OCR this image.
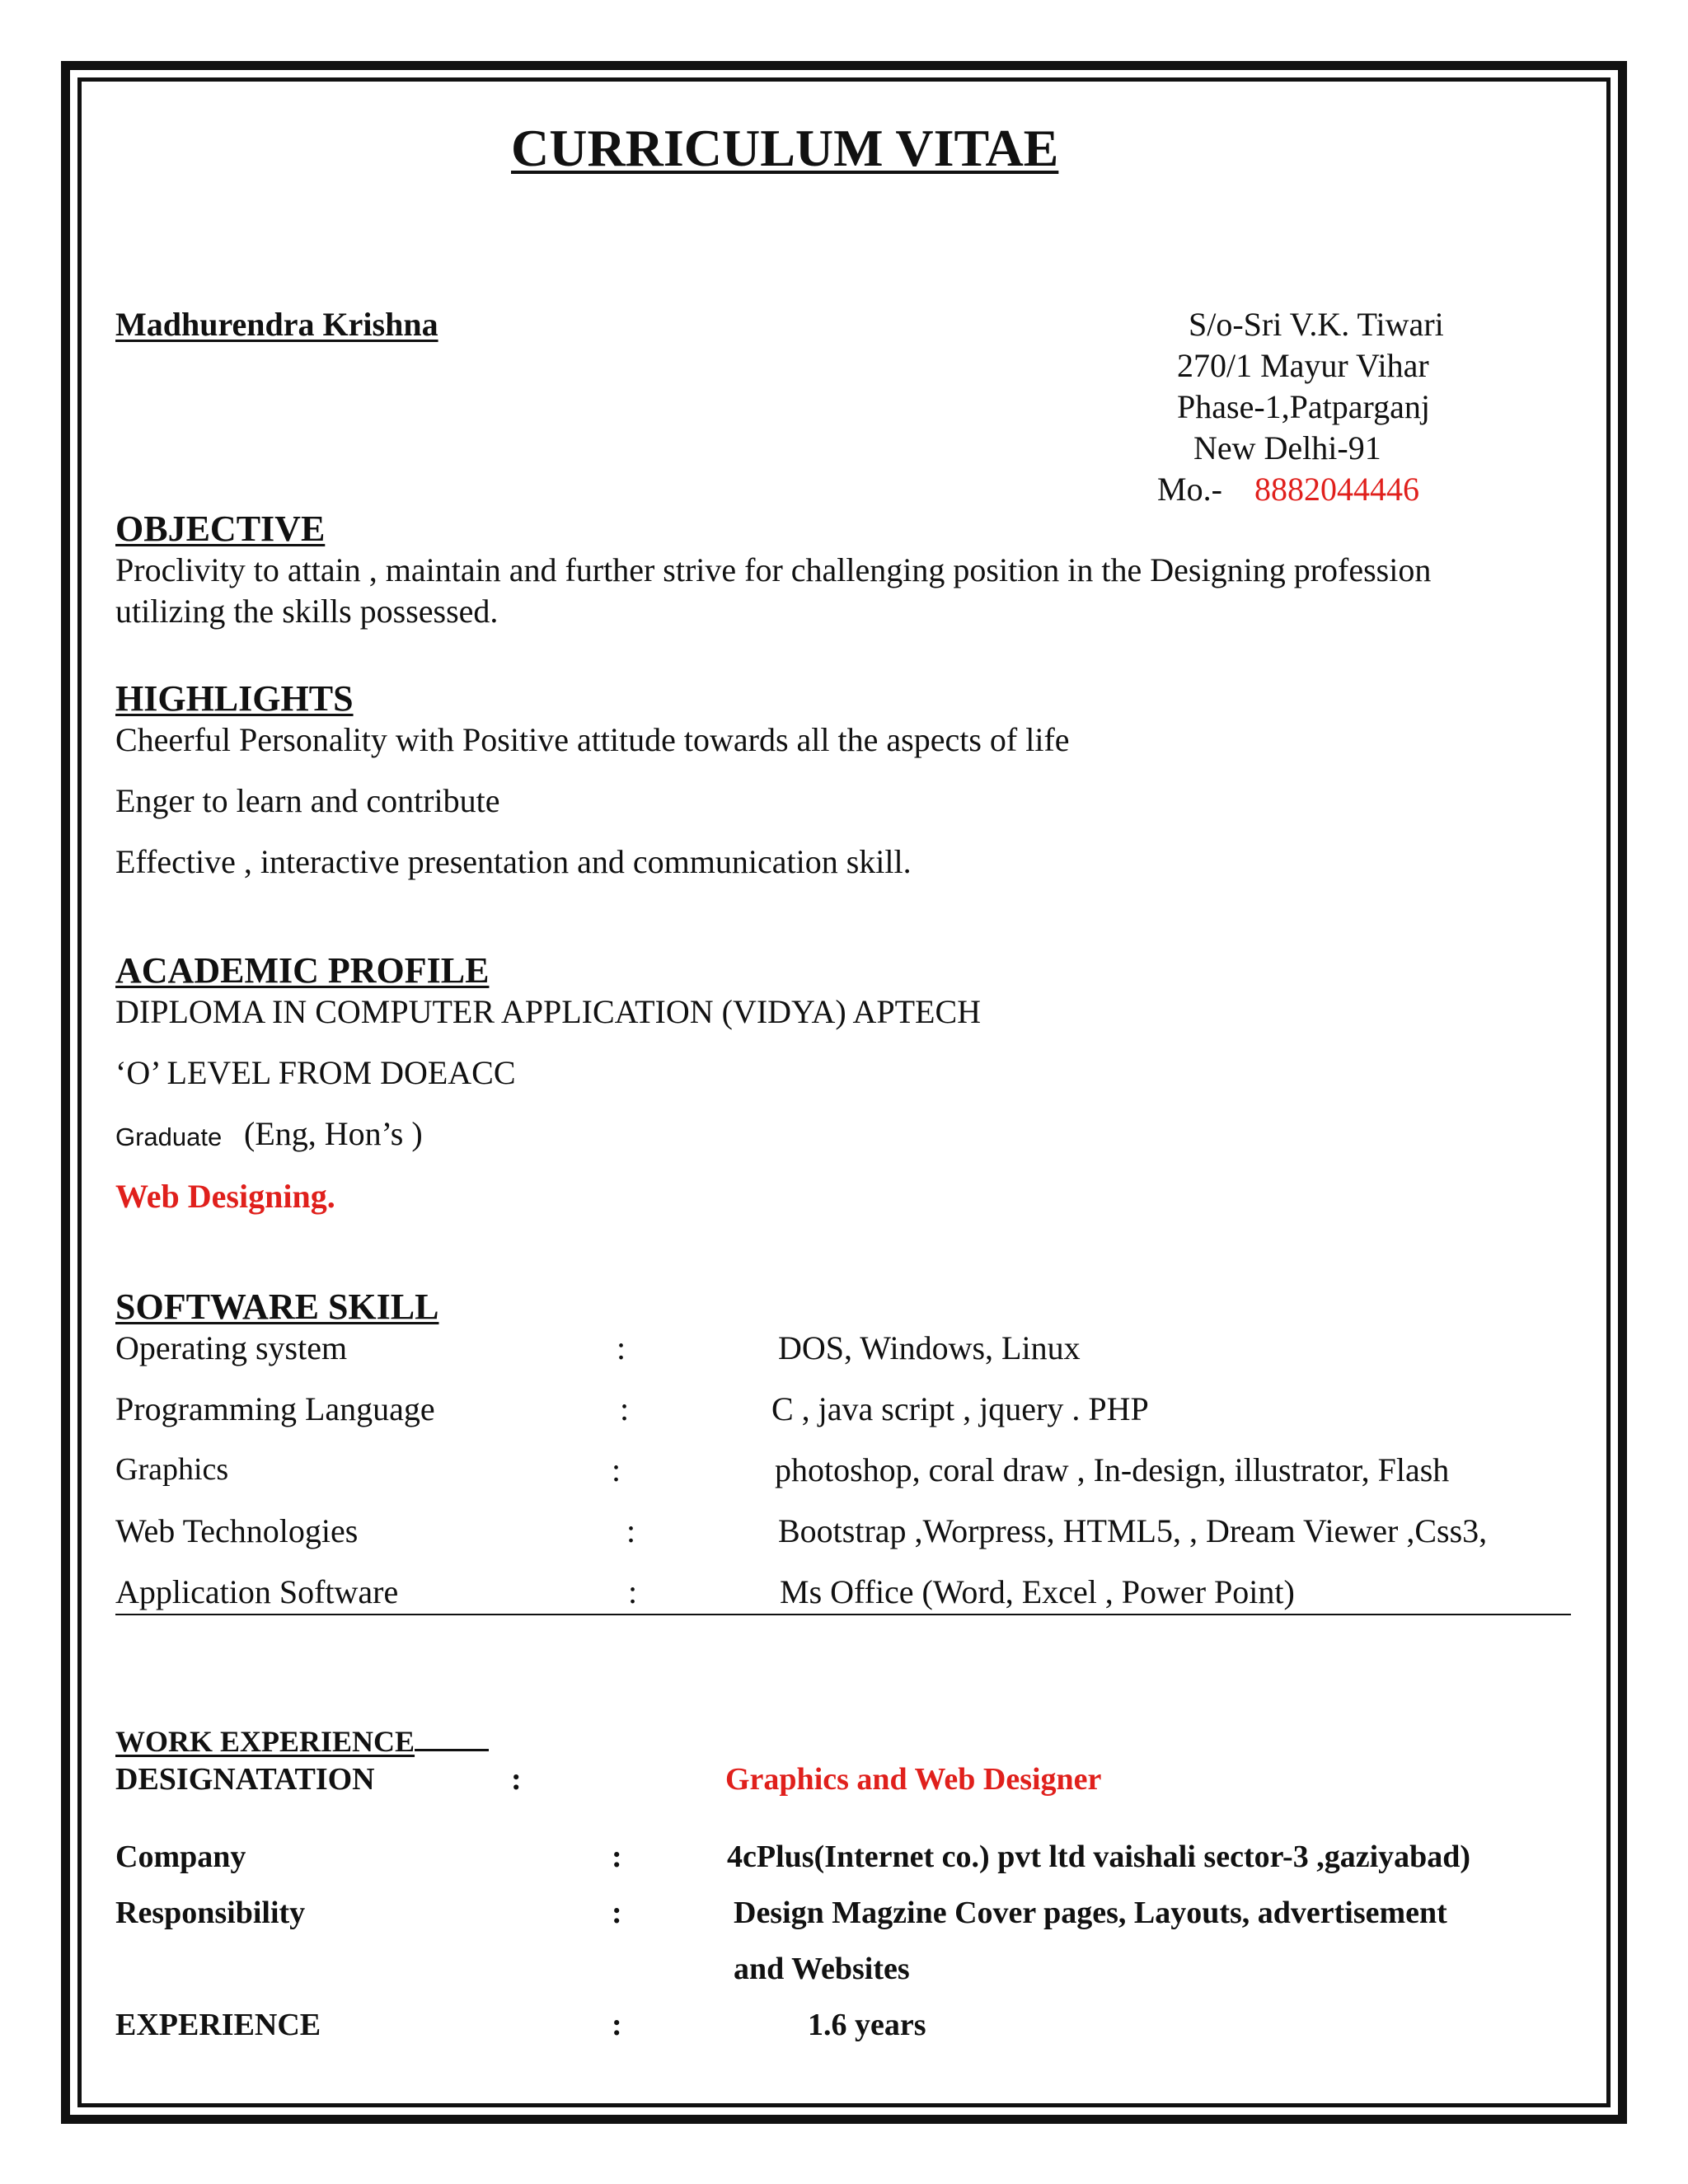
CURRICULUM VITAE
Madhurendra Krishna	S/o-Sri V.K. Tiwari
270/1 Mayur Vihar
Phase-1,Patparganj
New Delhi-91
Mo.- 8882044446
OBJECTIVE
Proclivity to attain , maintain and further strive for challenging position in the Designing profession
utilizing the skills possessed.
HIGHLIGHTS
Cheerful Personality with Positive attitude towards all the aspects of life
Enger to learn and contribute
Effective , interactive presentation and communication skill.
ACADEMIC PROFILE
DIPLOMA IN COMPUTER APPLICATION (VIDYA) APTECH
‘O’ LEVEL FROM DOEACC
Graduate (Eng, Hon’s )
Web Designing.
SOFTWARE SKILL
Operating system	:	DOS, Windows, Linux
Programming Language	:	C , java script , jquery . PHP
Graphics	:	photoshop, coral draw , In-design, illustrator, Flash
Web Technologies	:	Bootstrap ,Worpress, HTML5, , Dream Viewer ,Css3,
Application Software	:	Ms Office (Word, Excel , Power Point)
WORK EXPERIENCE
DESIGNATATION	:	Graphics and Web Designer
Company	:	4cPlus(Internet co.) pvt ltd vaishali sector-3 ,gaziyabad)
Responsibility	:	Design Magzine Cover pages, Layouts, advertisement
and Websites
EXPERIENCE	:	1.6 years
